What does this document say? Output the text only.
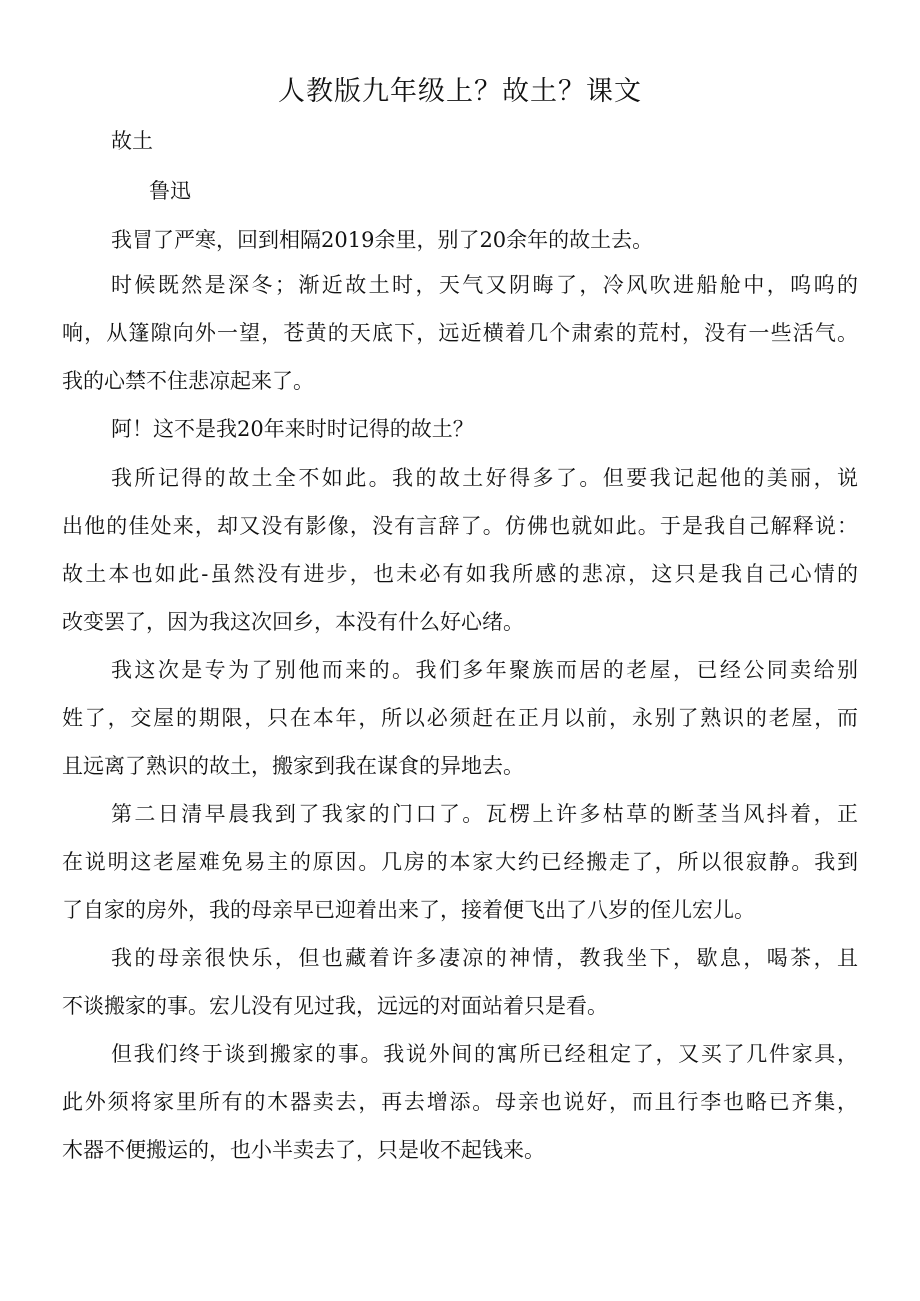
人教版九年级上？故土？课文
故土
鲁迅
我冒了严寒，回到相隔2019余里，别了20余年的故土去。
时候既然是深冬；渐近故土时，天气又阴晦了，冷风吹进船舱中，呜呜的
响，从篷隙向外一望，苍黄的天底下，远近横着几个肃索的荒村，没有一些活气。
我的心禁不住悲凉起来了。
阿！这不是我20年来时时记得的故土？
我所记得的故土全不如此。我的故土好得多了。但要我记起他的美丽，说
出他的佳处来，却又没有影像，没有言辞了。仿佛也就如此。于是我自己解释说：
故土本也如此-虽然没有进步，也未必有如我所感的悲凉，这只是我自己心情的
改变罢了，因为我这次回乡，本没有什么好心绪。
我这次是专为了别他而来的。我们多年聚族而居的老屋，已经公同卖给别
姓了，交屋的期限，只在本年，所以必须赶在正月以前，永别了熟识的老屋，而
且远离了熟识的故土，搬家到我在谋食的异地去。
第二日清早晨我到了我家的门口了。瓦楞上许多枯草的断茎当风抖着，正
在说明这老屋难免易主的原因。几房的本家大约已经搬走了，所以很寂静。我到
了自家的房外，我的母亲早已迎着出来了，接着便飞出了八岁的侄儿宏儿。
我的母亲很快乐，但也藏着许多凄凉的神情，教我坐下，歇息，喝茶，且
不谈搬家的事。宏儿没有见过我，远远的对面站着只是看。
但我们终于谈到搬家的事。我说外间的寓所已经租定了，又买了几件家具，
此外须将家里所有的木器卖去，再去增添。母亲也说好，而且行李也略已齐集，
木器不便搬运的，也小半卖去了，只是收不起钱来。
